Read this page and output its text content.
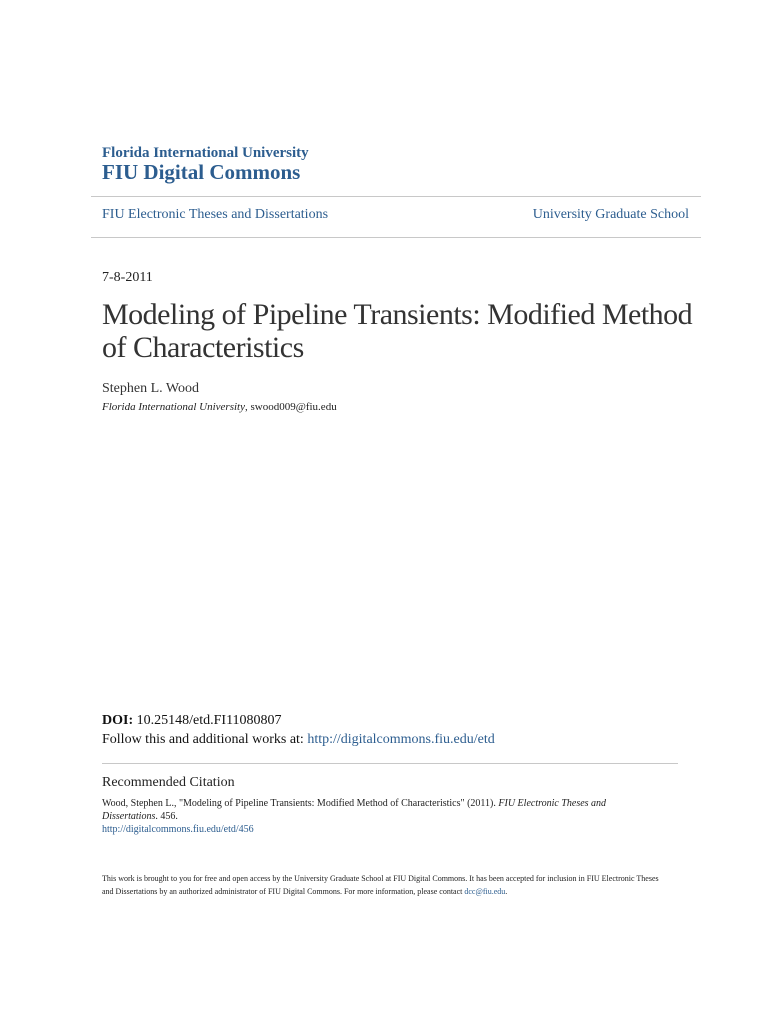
Florida International University
FIU Digital Commons
FIU Electronic Theses and Dissertations	University Graduate School
7-8-2011
Modeling of Pipeline Transients: Modified Method of Characteristics
Stephen L. Wood
Florida International University, swood009@fiu.edu
DOI: 10.25148/etd.FI11080807
Follow this and additional works at: http://digitalcommons.fiu.edu/etd
Recommended Citation
Wood, Stephen L., "Modeling of Pipeline Transients: Modified Method of Characteristics" (2011). FIU Electronic Theses and Dissertations. 456.
http://digitalcommons.fiu.edu/etd/456
This work is brought to you for free and open access by the University Graduate School at FIU Digital Commons. It has been accepted for inclusion in FIU Electronic Theses and Dissertations by an authorized administrator of FIU Digital Commons. For more information, please contact dcc@fiu.edu.
